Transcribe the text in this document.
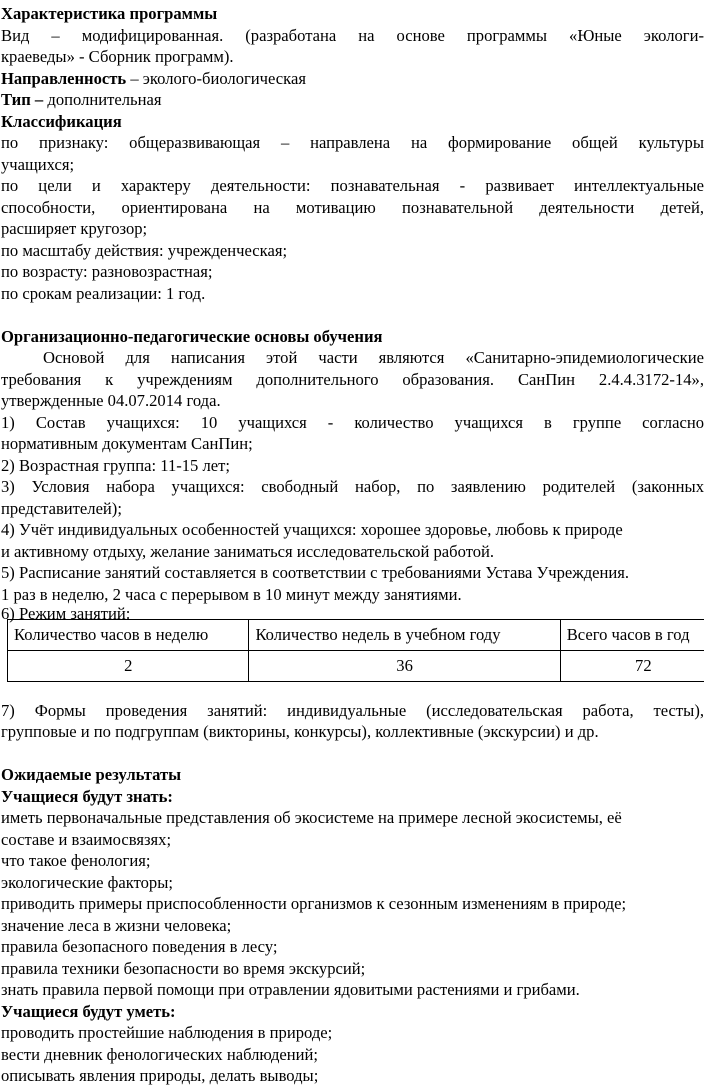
Характеристика программы
Вид – модифицированная. (разработана на основе программы «Юные экологи-
краеведы» - Сборник программ).
Направленность – эколого-биологическая
Тип – дополнительная
Классификация
по признаку: общеразвивающая – направлена на формирование общей культуры
учащихся;
по цели и характеру деятельности: познавательная - развивает интеллектуальные
способности, ориентирована на мотивацию познавательной деятельности детей,
расширяет кругозор;
по масштабу действия: учрежденческая;
по возрасту: разновозрастная;
по срокам реализации: 1 год.
Организационно-педагогические основы обучения
Основой для написания этой части являются «Санитарно-эпидемиологические
требования к учреждениям дополнительного образования. СанПин 2.4.4.3172-14»,
утвержденные 04.07.2014 года.
1) Состав учащихся: 10 учащихся - количество учащихся в группе согласно
нормативным документам СанПин;
2) Возрастная группа: 11-15 лет;
3) Условия набора учащихся: свободный набор, по заявлению родителей (законных
представителей);
4) Учёт индивидуальных особенностей учащихся: хорошее здоровье, любовь к природе
и активному отдыху, желание заниматься исследовательской работой.
5) Расписание занятий составляется в соответствии с требованиями Устава Учреждения.
1 раз в неделю, 2 часа с перерывом в 10 минут между занятиями.
6) Режим занятий:
Количество часов в неделю	Количество недель в учебном году	Всего часов в год
2	36	72
7) Формы проведения занятий: индивидуальные (исследовательская работа, тесты),
групповые и по подгруппам (викторины, конкурсы), коллективные (экскурсии) и др.
Ожидаемые результаты
Учащиеся будут знать:
иметь первоначальные представления об экосистеме на примере лесной экосистемы, её
составе и взаимосвязях;
что такое фенология;
экологические факторы;
приводить примеры приспособленности организмов к сезонным изменениям в природе;
значение леса в жизни человека;
правила безопасного поведения в лесу;
правила техники безопасности во время экскурсий;
знать правила первой помощи при отравлении ядовитыми растениями и грибами.
Учащиеся будут уметь:
проводить простейшие наблюдения в природе;
вести дневник фенологических наблюдений;
описывать явления природы, делать выводы;
